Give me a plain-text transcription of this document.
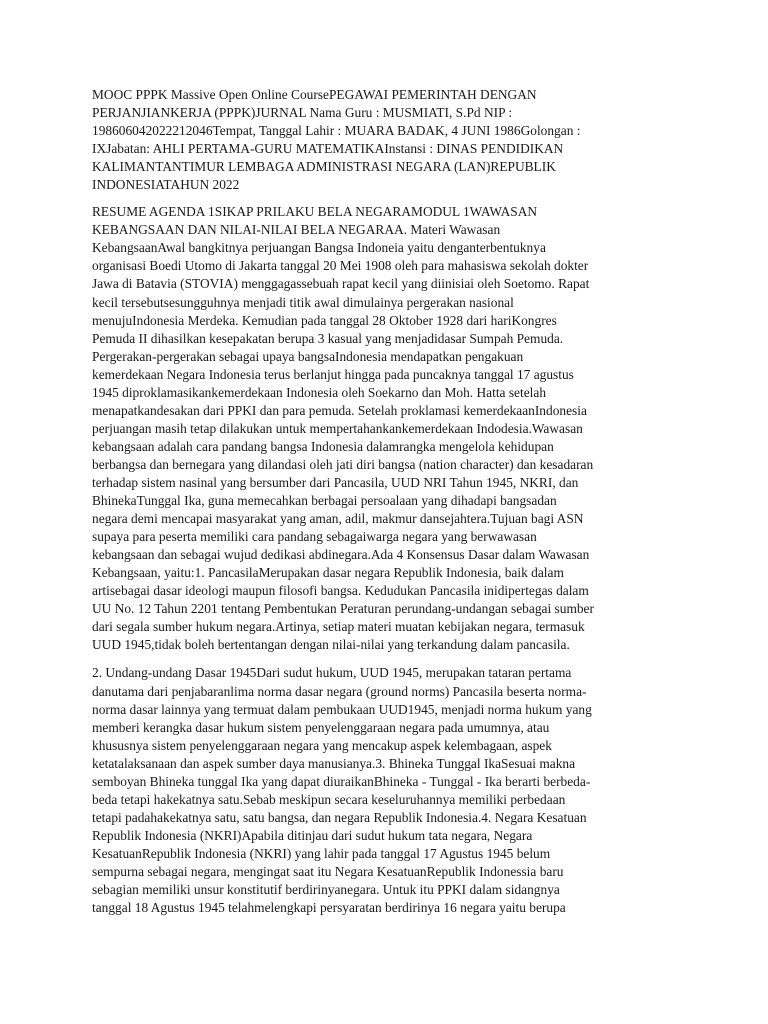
MOOC PPPK Massive Open Online CoursePEGAWAI PEMERINTAH DENGAN
PERJANJIANKERJA (PPPK)JURNAL Nama Guru : MUSMIATI, S.Pd NIP :
198606042022212046Tempat, Tanggal Lahir : MUARA BADAK, 4 JUNI 1986Golongan :
IXJabatan: AHLI PERTAMA-GURU MATEMATIKAInstansi : DINAS PENDIDIKAN
KALIMANTANTIMUR LEMBAGA ADMINISTRASI NEGARA (LAN)REPUBLIK
INDONESIATAHUN 2022

RESUME AGENDA 1SIKAP PRILAKU BELA NEGARAMODUL 1WAWASAN
KEBANGSAAN DAN NILAI-NILAI BELA NEGARAA. Materi Wawasan
KebangsaanAwal bangkitnya perjuangan Bangsa Indoneia yaitu denganterbentuknya
organisasi Boedi Utomo di Jakarta tanggal 20 Mei 1908 oleh para mahasiswa sekolah dokter
Jawa di Batavia (STOVIA) menggagassebuah rapat kecil yang diinisiai oleh Soetomo. Rapat
kecil tersebutsesungguhnya menjadi titik awal dimulainya pergerakan nasional
menujuIndonesia Merdeka. Kemudian pada tanggal 28 Oktober 1928 dari hariKongres
Pemuda II dihasilkan kesepakatan berupa 3 kasual yang menjadidasar Sumpah Pemuda.
Pergerakan-pergerakan sebagai upaya bangsaIndonesia mendapatkan pengakuan
kemerdekaan Negara Indonesia terus berlanjut hingga pada puncaknya tanggal 17 agustus
1945 diproklamasikankemerdekaan Indonesia oleh Soekarno dan Moh. Hatta setelah
menapatkandesakan dari PPKI dan para pemuda. Setelah proklamasi kemerdekaanIndonesia
perjuangan masih tetap dilakukan untuk mempertahankankemerdekaan Indodesia.Wawasan
kebangsaan adalah cara pandang bangsa Indonesia dalamrangka mengelola kehidupan
berbangsa dan bernegara yang dilandasi oleh jati diri bangsa (nation character) dan kesadaran
terhadap sistem nasinal yang bersumber dari Pancasila, UUD NRI Tahun 1945, NKRI, dan
BhinekaTunggal Ika, guna memecahkan berbagai persoalaan yang dihadapi bangsadan
negara demi mencapai masyarakat yang aman, adil, makmur dansejahtera.Tujuan bagi ASN
supaya para peserta memiliki cara pandang sebagaiwarga negara yang berwawasan
kebangsaan dan sebagai wujud dedikasi abdinegara.Ada 4 Konsensus Dasar dalam Wawasan
Kebangsaan, yaitu:1. PancasilaMerupakan dasar negara Republik Indonesia, baik dalam
artisebagai dasar ideologi maupun filosofi bangsa. Kedudukan Pancasila inidipertegas dalam
UU No. 12 Tahun 2201 tentang Pembentukan Peraturan perundang-undangan sebagai sumber
dari segala sumber hukum negara.Artinya, setiap materi muatan kebijakan negara, termasuk
UUD 1945,tidak boleh bertentangan dengan nilai-nilai yang terkandung dalam pancasila.

2. Undang-undang Dasar 1945Dari sudut hukum, UUD 1945, merupakan tataran pertama
danutama dari penjabaranlima norma dasar negara (ground norms) Pancasila beserta norma-
norma dasar lainnya yang termuat dalam pembukaan UUD1945, menjadi norma hukum yang
memberi kerangka dasar hukum sistem penyelenggaraan negara pada umumnya, atau
khususnya sistem penyelenggaraan negara yang mencakup aspek kelembagaan, aspek
ketatalaksanaan dan aspek sumber daya manusianya.3. Bhineka Tunggal IkaSesuai makna
semboyan Bhineka tunggal Ika yang dapat diuraikanBhineka - Tunggal - Ika berarti berbeda-
beda tetapi hakekatnya satu.Sebab meskipun secara keseluruhannya memiliki perbedaan
tetapi padahakekatnya satu, satu bangsa, dan negara Republik Indonesia.4. Negara Kesatuan
Republik Indonesia (NKRI)Apabila ditinjau dari sudut hukum tata negara, Negara
KesatuanRepublik Indonesia (NKRI) yang lahir pada tanggal 17 Agustus 1945 belum
sempurna sebagai negara, mengingat saat itu Negara KesatuanRepublik Indonessia baru
sebagian memiliki unsur konstitutif berdirinyanegara. Untuk itu PPKI dalam sidangnya
tanggal 18 Agustus 1945 telahmelengkapi persyaratan berdirinya 16 negara yaitu berupa
